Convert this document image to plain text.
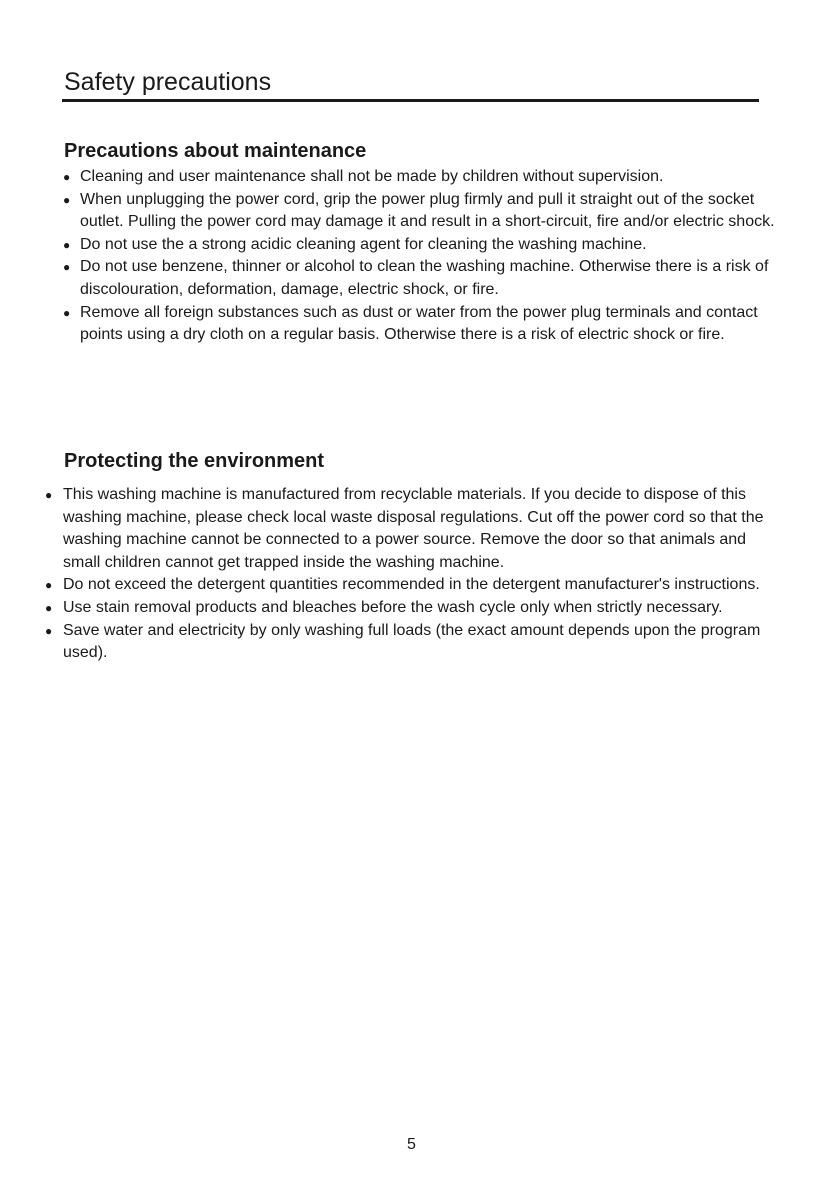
Safety precautions
Precautions about maintenance
● Cleaning and user maintenance shall not be made by children without supervision.
● When unplugging the power cord, grip the power plug firmly and pull it straight out of the socket outlet. Pulling the power cord may damage it and result in a short-circuit, fire and/or electric shock.
● Do not use the a strong acidic cleaning agent for cleaning the washing machine.
● Do not use benzene, thinner or alcohol to clean the washing machine. Otherwise there is a risk of discolouration, deformation, damage, electric shock, or fire.
● Remove all foreign substances such as dust or water from the power plug terminals and contact points using a dry cloth on a regular basis. Otherwise there is a risk of electric shock or fire.
Protecting the environment
● This washing machine is manufactured from recyclable materials. If you decide to dispose of this washing machine, please check local waste disposal regulations. Cut off the power cord so that the washing machine cannot be connected to a power source. Remove the door so that animals and small children cannot get trapped inside the washing machine.
● Do not exceed the detergent quantities recommended in the detergent manufacturer's instructions.
● Use stain removal products and bleaches before the wash cycle only when strictly necessary.
● Save water and electricity by only washing full loads (the exact amount depends upon the program used).
5
